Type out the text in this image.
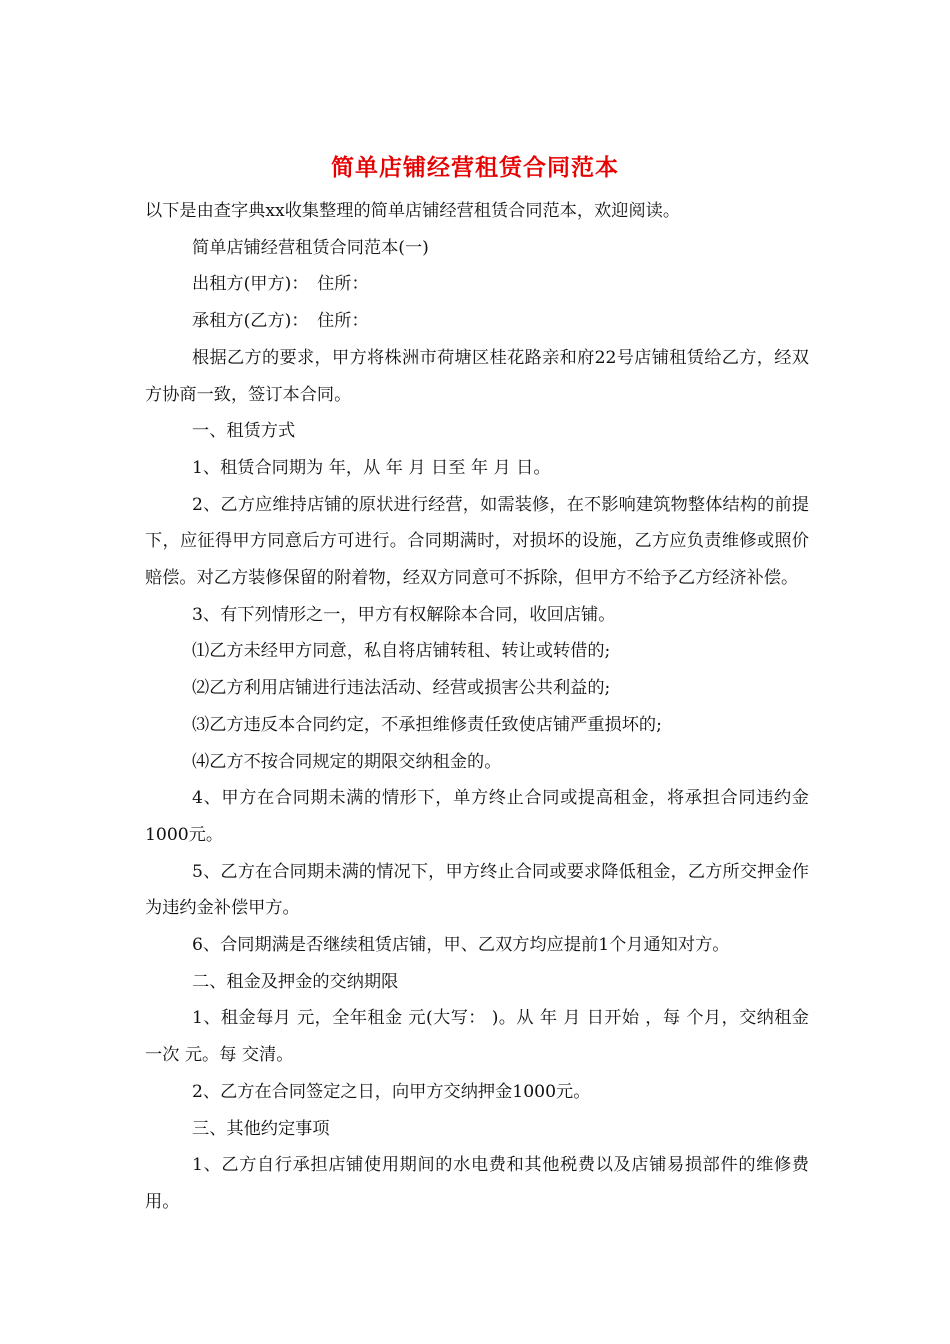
简单店铺经营租赁合同范本

以下是由查字典xx收集整理的简单店铺经营租赁合同范本，欢迎阅读。

简单店铺经营租赁合同范本(一)

出租方(甲方)：　住所：

承租方(乙方)：　住所：

根据乙方的要求，甲方将株洲市荷塘区桂花路亲和府22号店铺租赁给乙方，经双方协商一致，签订本合同。

一、租赁方式

1、租赁合同期为 年，从 年 月 日至 年 月 日。

2、乙方应维持店铺的原状进行经营，如需装修，在不影响建筑物整体结构的前提下，应征得甲方同意后方可进行。合同期满时，对损坏的设施，乙方应负责维修或照价赔偿。对乙方装修保留的附着物，经双方同意可不拆除，但甲方不给予乙方经济补偿。

3、有下列情形之一，甲方有权解除本合同，收回店铺。

⑴乙方未经甲方同意，私自将店铺转租、转让或转借的;

⑵乙方利用店铺进行违法活动、经营或损害公共利益的;

⑶乙方违反本合同约定，不承担维修责任致使店铺严重损坏的;

⑷乙方不按合同规定的期限交纳租金的。

4、甲方在合同期未满的情形下，单方终止合同或提高租金，将承担合同违约金1000元。

5、乙方在合同期未满的情况下，甲方终止合同或要求降低租金，乙方所交押金作为违约金补偿甲方。

6、合同期满是否继续租赁店铺，甲、乙双方均应提前1个月通知对方。

二、租金及押金的交纳期限

1、租金每月 元，全年租金 元(大写： )。从 年 月 日开始 ，每 个月，交纳租金一次 元。每 交清。

2、乙方在合同签定之日，向甲方交纳押金1000元。

三、其他约定事项

1、乙方自行承担店铺使用期间的水电费和其他税费以及店铺易损部件的维修费用。
